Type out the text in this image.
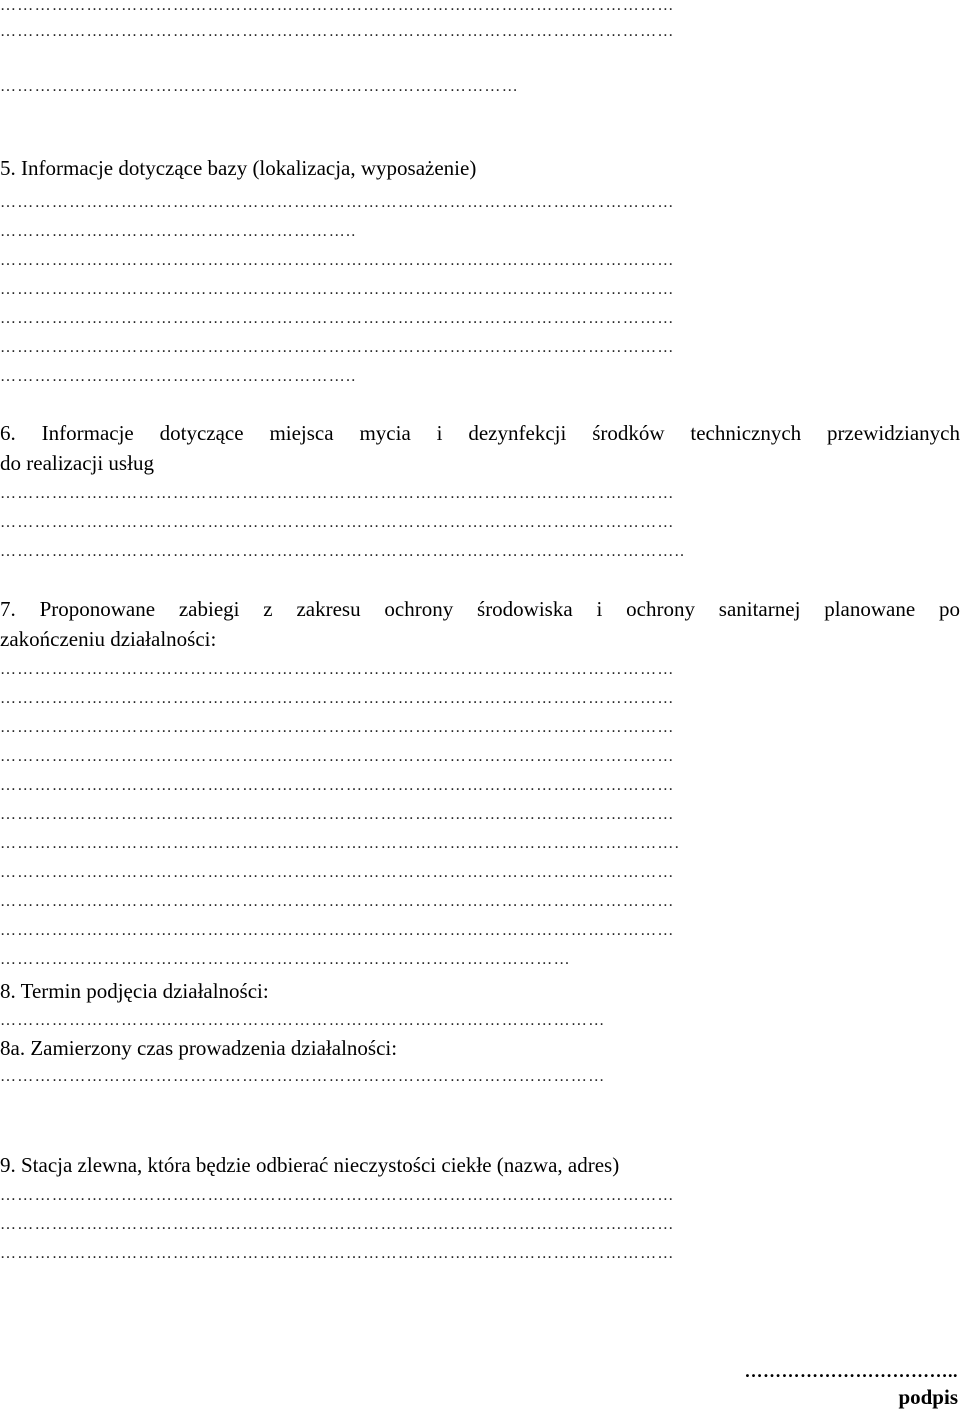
………………………………………………………………………………………………………
………………………………………………………………………………………………………
………………………………………………………………………………
5. Informacje dotyczące bazy (lokalizacja, wyposażenie)
………………………………………………………………………………………………………
……………………………………………………..
………………………………………………………………………………………………………
………………………………………………………………………………………………………
………………………………………………………………………………………………………
………………………………………………………………………………………………………
……………………………………………………..
6. Informacje dotyczące miejsca mycia i dezynfekcji środków technicznych przewidzianych
do realizacji usług
………………………………………………………………………………………………………
………………………………………………………………………………………………………
………………………………………………………………………………………………………..
7. Proponowane zabiegi z zakresu ochrony środowiska i ochrony sanitarnej planowane po
zakończeniu działalności:
………………………………………………………………………………………………………
………………………………………………………………………………………………………
………………………………………………………………………………………………………
………………………………………………………………………………………………………
………………………………………………………………………………………………………
………………………………………………………………………………………………………
……………………………………………………………………………………………………….
………………………………………………………………………………………………………
………………………………………………………………………………………………………
………………………………………………………………………………………………………
………………………………………………………………………………………
8. Termin podjęcia działalności:
……………………………………………………………………………………………
8a. Zamierzony czas prowadzenia działalności:
……………………………………………………………………………………………
9. Stacja zlewna, która będzie odbierać nieczystości ciekłe (nazwa, adres)
………………………………………………………………………………………………………
………………………………………………………………………………………………………
………………………………………………………………………………………………………
……………………………..
podpis
